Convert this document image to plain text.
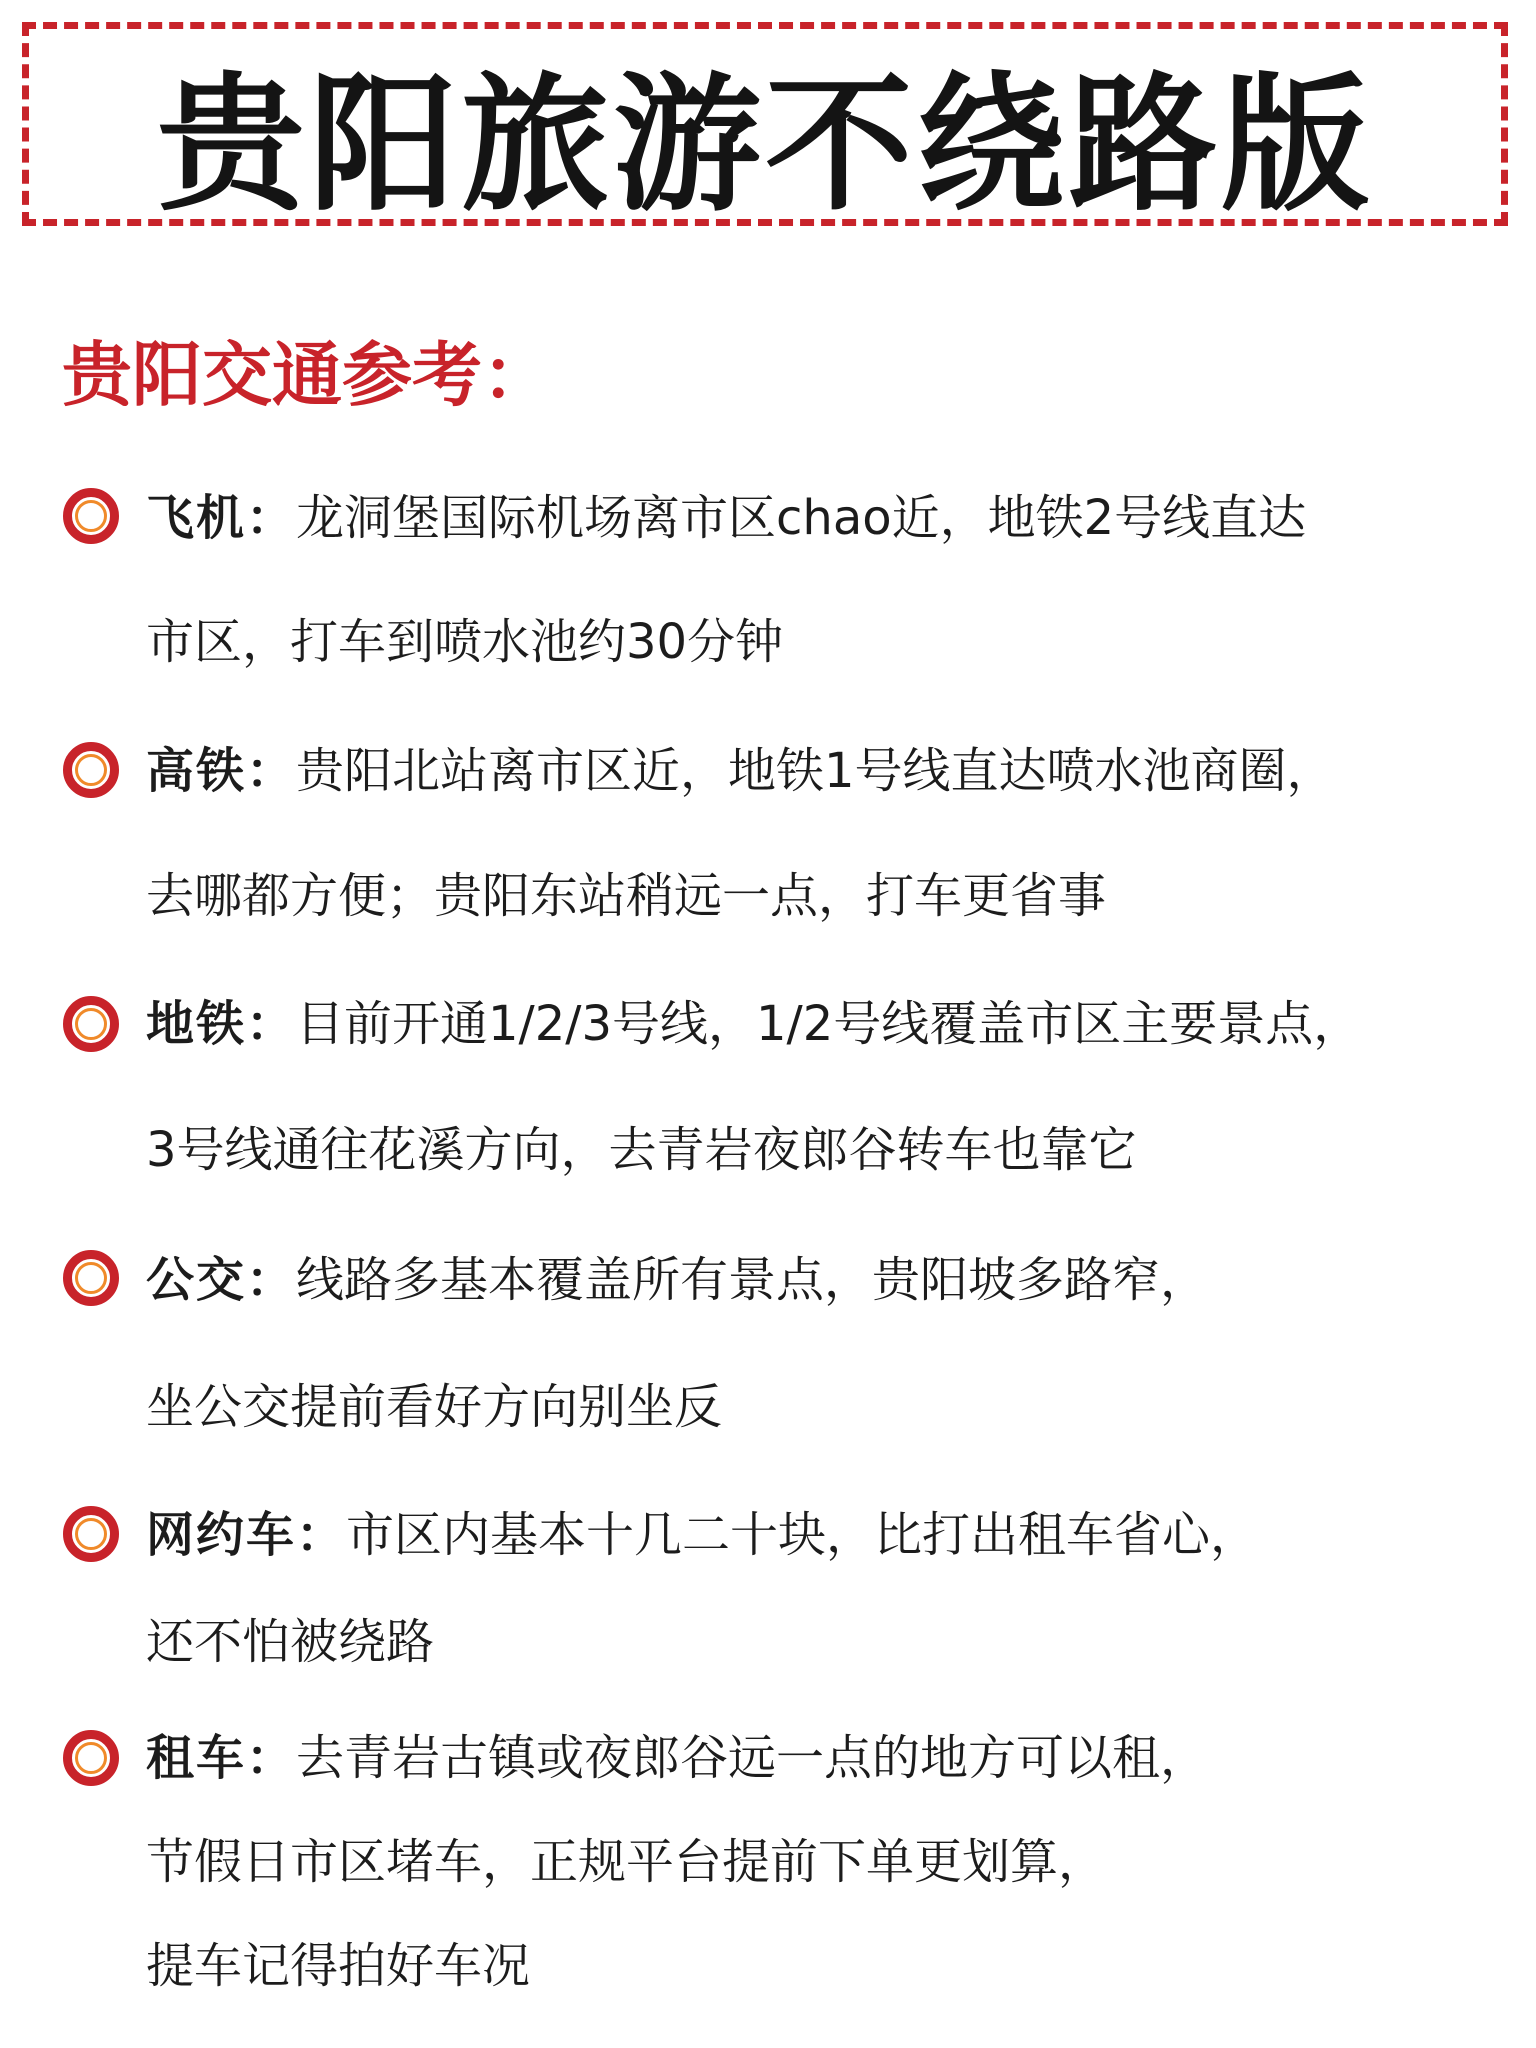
贵阳旅游不绕路版
贵阳交通参考：
飞机：龙洞堡国际机场离市区chao近，地铁2号线直达
市区，打车到喷水池约30分钟
高铁：贵阳北站离市区近，地铁1号线直达喷水池商圈，
去哪都方便；贵阳东站稍远一点，打车更省事
地铁：目前开通1/2/3号线，1/2号线覆盖市区主要景点，
3号线通往花溪方向，去青岩夜郎谷转车也靠它
公交：线路多基本覆盖所有景点，贵阳坡多路窄，
坐公交提前看好方向别坐反
网约车：市区内基本十几二十块，比打出租车省心，
还不怕被绕路
租车：去青岩古镇或夜郎谷远一点的地方可以租，
节假日市区堵车，正规平台提前下单更划算，
提车记得拍好车况
